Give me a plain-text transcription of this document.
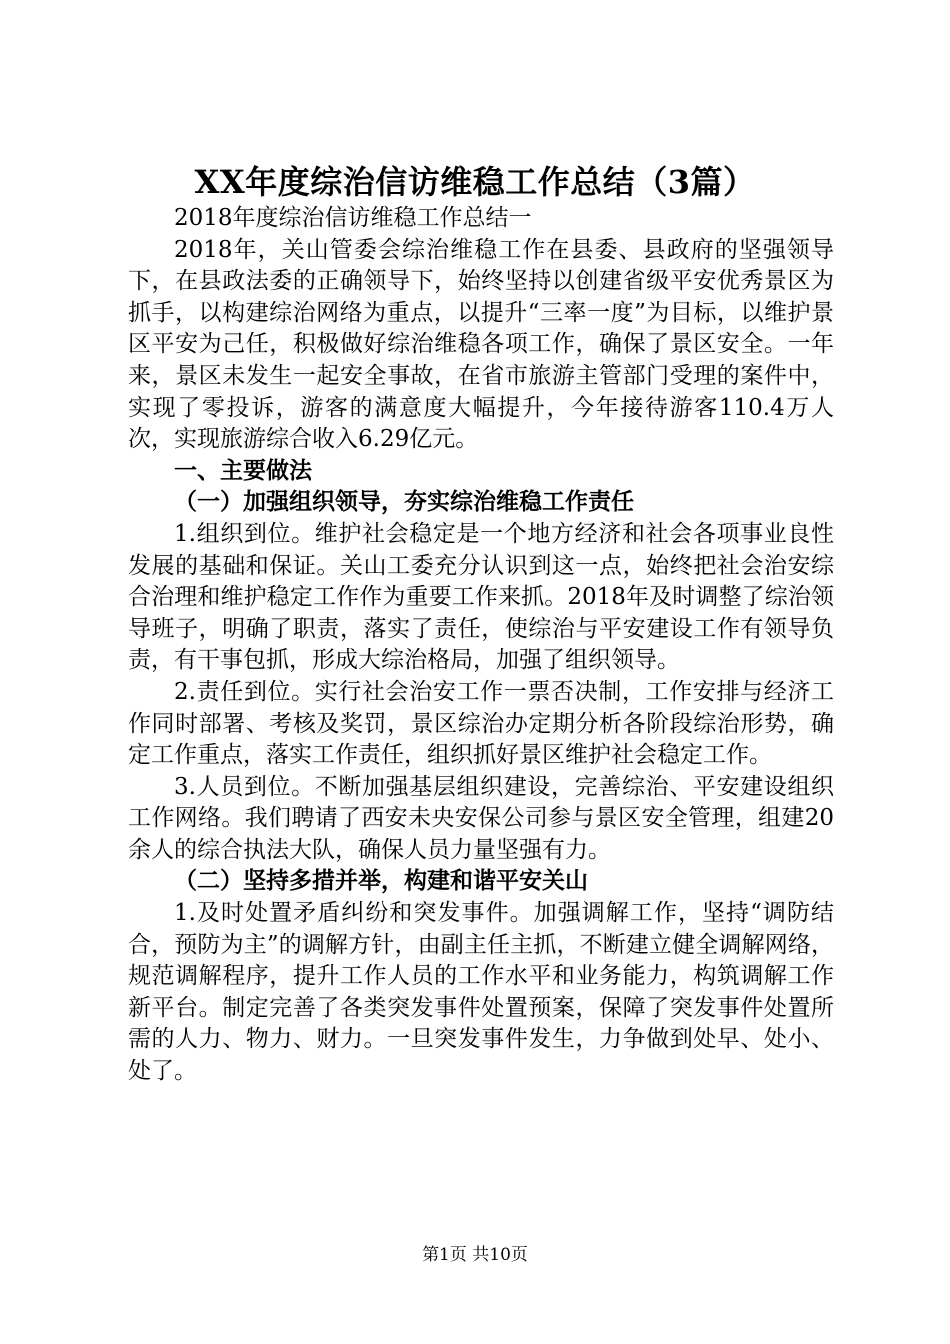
XX年度综治信访维稳工作总结（3篇）

2018年度综治信访维稳工作总结一

2018年，关山管委会综治维稳工作在县委、县政府的坚强领导下，在县政法委的正确领导下，始终坚持以创建省级平安优秀景区为抓手，以构建综治网络为重点，以提升“三率一度”为目标，以维护景区平安为己任，积极做好综治维稳各项工作，确保了景区安全。一年来，景区未发生一起安全事故，在省市旅游主管部门受理的案件中，实现了零投诉，游客的满意度大幅提升，今年接待游客110.4万人次，实现旅游综合收入6.29亿元。

一、主要做法

（一）加强组织领导，夯实综治维稳工作责任

1.组织到位。维护社会稳定是一个地方经济和社会各项事业良性发展的基础和保证。关山工委充分认识到这一点，始终把社会治安综合治理和维护稳定工作作为重要工作来抓。2018年及时调整了综治领导班子，明确了职责，落实了责任，使综治与平安建设工作有领导负责，有干事包抓，形成大综治格局，加强了组织领导。

2.责任到位。实行社会治安工作一票否决制，工作安排与经济工作同时部署、考核及奖罚，景区综治办定期分析各阶段综治形势，确定工作重点，落实工作责任，组织抓好景区维护社会稳定工作。

3.人员到位。不断加强基层组织建设，完善综治、平安建设组织工作网络。我们聘请了西安未央安保公司参与景区安全管理，组建20余人的综合执法大队，确保人员力量坚强有力。

（二）坚持多措并举，构建和谐平安关山

1.及时处置矛盾纠纷和突发事件。加强调解工作，坚持“调防结合，预防为主”的调解方针，由副主任主抓，不断建立健全调解网络，规范调解程序，提升工作人员的工作水平和业务能力，构筑调解工作新平台。制定完善了各类突发事件处置预案，保障了突发事件处置所需的人力、物力、财力。一旦突发事件发生，力争做到处早、处小、处了。

第1页 共10页
